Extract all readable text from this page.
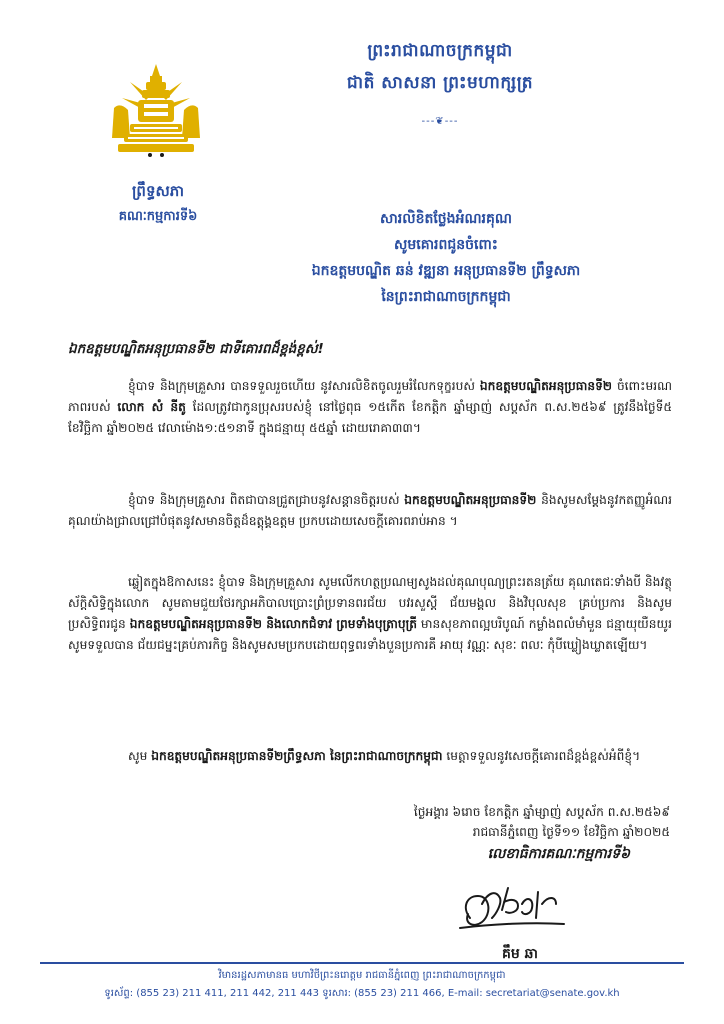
ព្រឹទ្ធសភា
គណៈកម្មការទី៦
ព្រះរាជាណាចក្រកម្ពុជា
ជាតិ សាសនា ព្រះមហាក្សត្រ
---❦---
សារលិខិតថ្លែងអំណរគុណ
សូមគោរពជូនចំពោះ
ឯកឧត្តមបណ្ឌិត ឆន់ វឌ្ឍនា អនុប្រធានទី២ ព្រឹទ្ធសភា
នៃព្រះរាជាណាចក្រកម្ពុជា
ឯកឧត្តមបណ្ឌិតអនុប្រធានទី២ ជាទីគោរពដ៏ខ្ពង់ខ្ពស់!
ខ្ញុំបាទ និងក្រុមគ្រួសារ បានទទួលរួចហើយ នូវសារលិខិតចូលរួមរំលែកទុក្ខរបស់ ឯកឧត្តមបណ្ឌិតអនុប្រធានទី២ ចំពោះមរណភាពរបស់ លោក សំ នីតូ ដែលត្រូវជាកូនប្រុសរបស់ខ្ញុំ នៅថ្ងៃពុធ ១៥កើត ខែកត្តិក ឆ្នាំម្សាញ់ សប្តស័ក ព.ស.២៥៦៩ ត្រូវនឹងថ្ងៃទី៥ ខែវិច្ឆិកា ឆ្នាំ២០២៥ វេលាម៉ោង១:៥១នាទី ក្នុងជន្មាយុ ៥៥ឆ្នាំ ដោយរោគា៣៣។
ខ្ញុំបាទ និងក្រុមគ្រួសារ ពិតជាបានជ្រួតជ្រាបនូវសន្តានចិត្តរបស់ ឯកឧត្តមបណ្ឌិតអនុប្រធានទី២ និងសូមសម្តែងនូវកតញ្ញូអំណរគុណយ៉ាងជ្រាលជ្រៅបំផុតនូវសមានចិត្តដ៏ឧត្តុង្គឧត្តម ប្រកបដោយសេចក្តីគោរពរាប់អាន ។
ឆ្លៀតក្នុងឱកាសនេះ ខ្ញុំបាទ និងក្រុមគ្រួសារ សូមលើកហត្ថប្រណម្យសូងដល់គុណបុណ្យព្រះរតនត្រ័យ គុណតេជៈទាំងបី និងវត្ថុស័ក្តិសិទ្ធិក្នុងលោក សូមតាមជួយថែរក្សាអភិបាលប្រោះព្រំប្រទានពរជ័យ បវរសួស្តី ជ័យមង្គល និងវិបុលសុខ គ្រប់ប្រការ និងសូមប្រសិទ្ធិពរជូន ឯកឧត្តមបណ្ឌិតអនុប្រធានទី២ និងលោកជំទាវ ព្រមទាំងបុត្រាបុត្រី មានសុខភាពល្អបរិបូណ៍ កម្លាំងពលំមាំមួន ជន្មាយុយឺនយូរ សូមទទួលបាន ជ័យជម្នះគ្រប់ភារកិច្ច និងសូមសមប្រកបដោយពុទ្ធពរទាំងបួនប្រការគឺ អាយុ វណ្ណៈ សុខៈ ពលៈ កុំបីឃ្លៀងឃ្លាតឡើយ។
សូម ឯកឧត្តមបណ្ឌិតអនុប្រធានទី២ព្រឹទ្ធសភា នៃព្រះរាជាណាចក្រកម្ពុជា មេត្តាទទួលនូវសេចក្តីគោរពដ៏ខ្ពង់ខ្ពស់អំពីខ្ញុំ។
ថ្ងៃអង្គារ ៦រោច ខែកត្តិក ឆ្នាំម្សាញ់ សប្តស័ក ព.ស.២៥៦៩
រាជធានីភ្នំពេញ ថ្ងៃទី១១ ខែវិច្ឆិកា ឆ្នាំ២០២៥
លេខាធិការគណៈកម្មការទី៦
គឹម ឆា
វិមានរដ្ឋសភាមានធ មហាវិថីព្រះនរោត្តម រាជធានីភ្នំពេញ ព្រះរាជាណាចក្រកម្ពុជា
ទូរស័ព្ទ: (855 23) 211 411, 211 442, 211 443 ទូរសារ: (855 23) 211 466, E-mail: secretariat@senate.gov.kh
